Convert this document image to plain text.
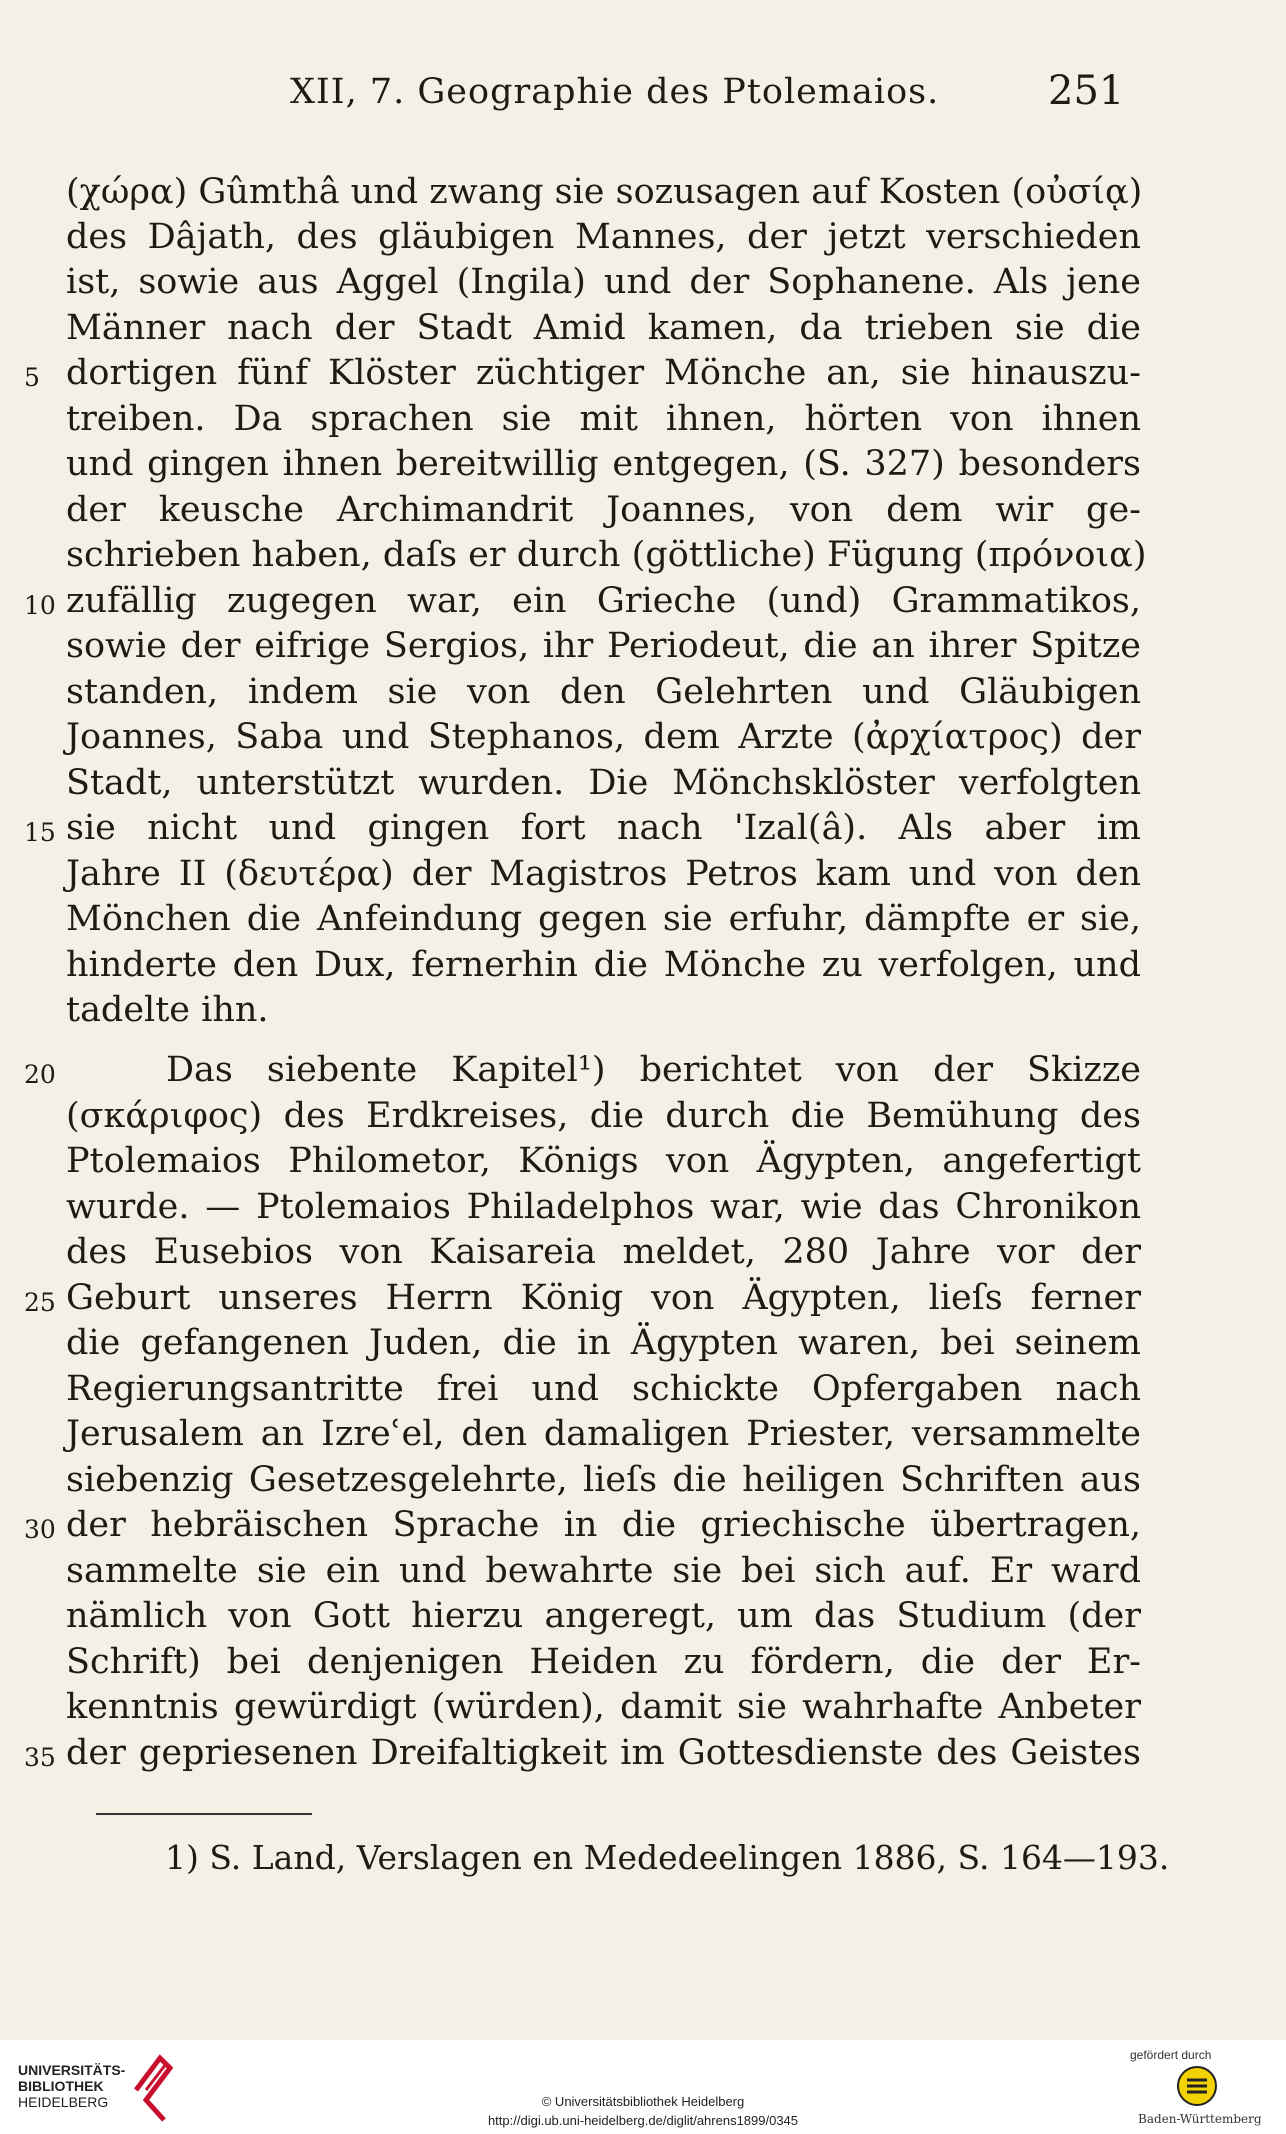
XII, 7. Geographie des Ptolemaios.	251
(χώρα) Gûmthâ und zwang sie sozusagen auf Kosten (οὐσίᾳ)
des Dâjath, des gläubigen Mannes, der jetzt verschieden
ist, sowie aus Aggel (Ingila) und der Sophanene. Als jene
Männer nach der Stadt Amid kamen, da trieben sie die
dortigen fünf Klöster züchtiger Mönche an, sie hinauszu-
treiben. Da sprachen sie mit ihnen, hörten von ihnen
und gingen ihnen bereitwillig entgegen, (S. 327) besonders
der keusche Archimandrit Joannes, von dem wir ge-
schrieben haben, daſs er durch (göttliche) Fügung (πρόνοια)
zufällig zugegen war, ein Grieche (und) Grammatikos,
sowie der eifrige Sergios, ihr Periodeut, die an ihrer Spitze
standen, indem sie von den Gelehrten und Gläubigen
Joannes, Saba und Stephanos, dem Arzte (ἀρχίατρος) der
Stadt, unterstützt wurden. Die Mönchsklöster verfolgten
sie nicht und gingen fort nach 'Izal(â). Als aber im
Jahre II (δευτέρα) der Magistros Petros kam und von den
Mönchen die Anfeindung gegen sie erfuhr, dämpfte er sie,
hinderte den Dux, fernerhin die Mönche zu verfolgen, und
tadelte ihn.
Das siebente Kapitel¹) berichtet von der Skizze
(σκάριφος) des Erdkreises, die durch die Bemühung des
Ptolemaios Philometor, Königs von Ägypten, angefertigt
wurde. — Ptolemaios Philadelphos war, wie das Chronikon
des Eusebios von Kaisareia meldet, 280 Jahre vor der
Geburt unseres Herrn König von Ägypten, lieſs ferner
die gefangenen Juden, die in Ägypten waren, bei seinem
Regierungsantritte frei und schickte Opfergaben nach
Jerusalem an Izreʿel, den damaligen Priester, versammelte
siebenzig Gesetzesgelehrte, lieſs die heiligen Schriften aus
der hebräischen Sprache in die griechische übertragen,
sammelte sie ein und bewahrte sie bei sich auf. Er ward
nämlich von Gott hierzu angeregt, um das Studium (der
Schrift) bei denjenigen Heiden zu fördern, die der Er-
kenntnis gewürdigt (würden), damit sie wahrhafte Anbeter
der gepriesenen Dreifaltigkeit im Gottesdienste des Geistes
5
10
15
20
25
30
35
1) S. Land, Verslagen en Mededeelingen 1886, S. 164—193.
UNIVERSITÄTS-
BIBLIOTHEK
HEIDELBERG	© Universitätsbibliothek Heidelberg
http://digi.ub.uni-heidelberg.de/diglit/ahrens1899/0345
gefördert durch
Baden-Württemberg
